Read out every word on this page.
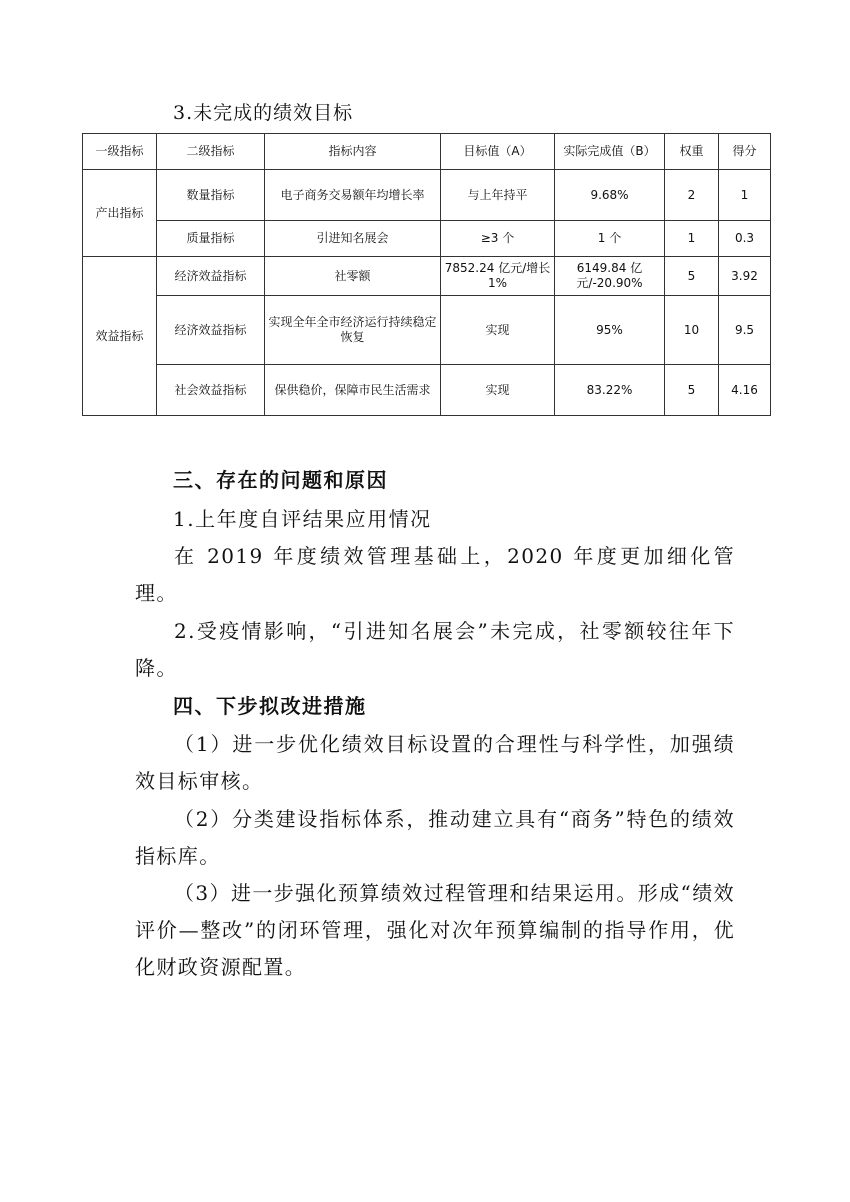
3.未完成的绩效目标
一级指标	二级指标	指标内容	目标值（A）	实际完成值（B）	权重	得分
产出指标	数量指标	电子商务交易额年均增长率	与上年持平	9.68%	2	1
	质量指标	引进知名展会	≥3 个	1 个	1	0.3
效益指标	经济效益指标	社零额	7852.24 亿元/增长1%	6149.84 亿元/-20.90%	5	3.92
	经济效益指标	实现全年全市经济运行持续稳定恢复	实现	95%	10	9.5
	社会效益指标	保供稳价，保障市民生活需求	实现	83.22%	5	4.16
三、存在的问题和原因
1.上年度自评结果应用情况
在 2019 年度绩效管理基础上，2020 年度更加细化管理。
2.受疫情影响，“引进知名展会”未完成，社零额较往年下降。
四、下步拟改进措施
（1）进一步优化绩效目标设置的合理性与科学性，加强绩效目标审核。
（2）分类建设指标体系，推动建立具有“商务”特色的绩效指标库。
（3）进一步强化预算绩效过程管理和结果运用。形成“绩效评价—整改”的闭环管理，强化对次年预算编制的指导作用，优化财政资源配置。
